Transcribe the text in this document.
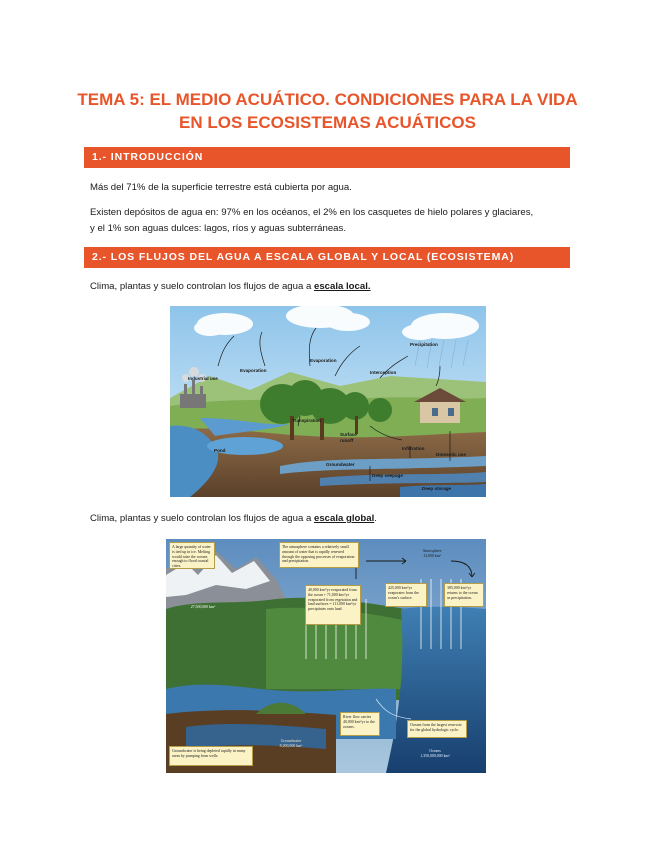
TEMA 5: EL MEDIO ACUÁTICO. CONDICIONES PARA LA VIDA
EN LOS ECOSISTEMAS ACUÁTICOS
1.- INTRODUCCIÓN

Más del 71% de la superficie terrestre está cubierta por agua.

Existen depósitos de agua en: 97% en los océanos, el 2% en los casquetes de hielo polares y glaciares,
y el 1% son aguas dulces: lagos, ríos y aguas subterráneas.

2.- LOS FLUJOS DEL AGUA A ESCALA GLOBAL Y LOCAL (ECOSISTEMA)

Clima, plantas y suelo controlan los flujos de agua a escala local.

Industrial use
Evaporation
Evaporation
Interception
Precipitation
Transpiration
Surface
runoff
Infiltration
Domestic use
Pond
Groundwater
Deep seepage
Deep storage

Clima, plantas y suelo controlan los flujos de agua a escala global.

A large quantity of water is tied up in ice. Melting would raise the oceans enough to flood coastal cities.
27,500,000 km³
The atmosphere contains a relatively small amount of water that is rapidly renewed through the opposing processes of evaporation and precipitation.
Atmosphere
13,000 km³
40,000 km³/yr evaporated from the ocean + 71,000 km³/yr evaporated from vegetation and land surfaces = 111,000 km³/yr precipitates onto land.
425,000 km³/yr evaporates from the ocean's surface.
385,000 km³/yr returns to the ocean as precipitation.
River flow carries 40,000 km³/yr to the oceans.
Groundwater
8,200,000 km³
Groundwater is being depleted rapidly in many areas by pumping from wells.
Oceans form the largest reservoir for the global hydrologic cycle.
Oceans
1,350,000,000 km³
